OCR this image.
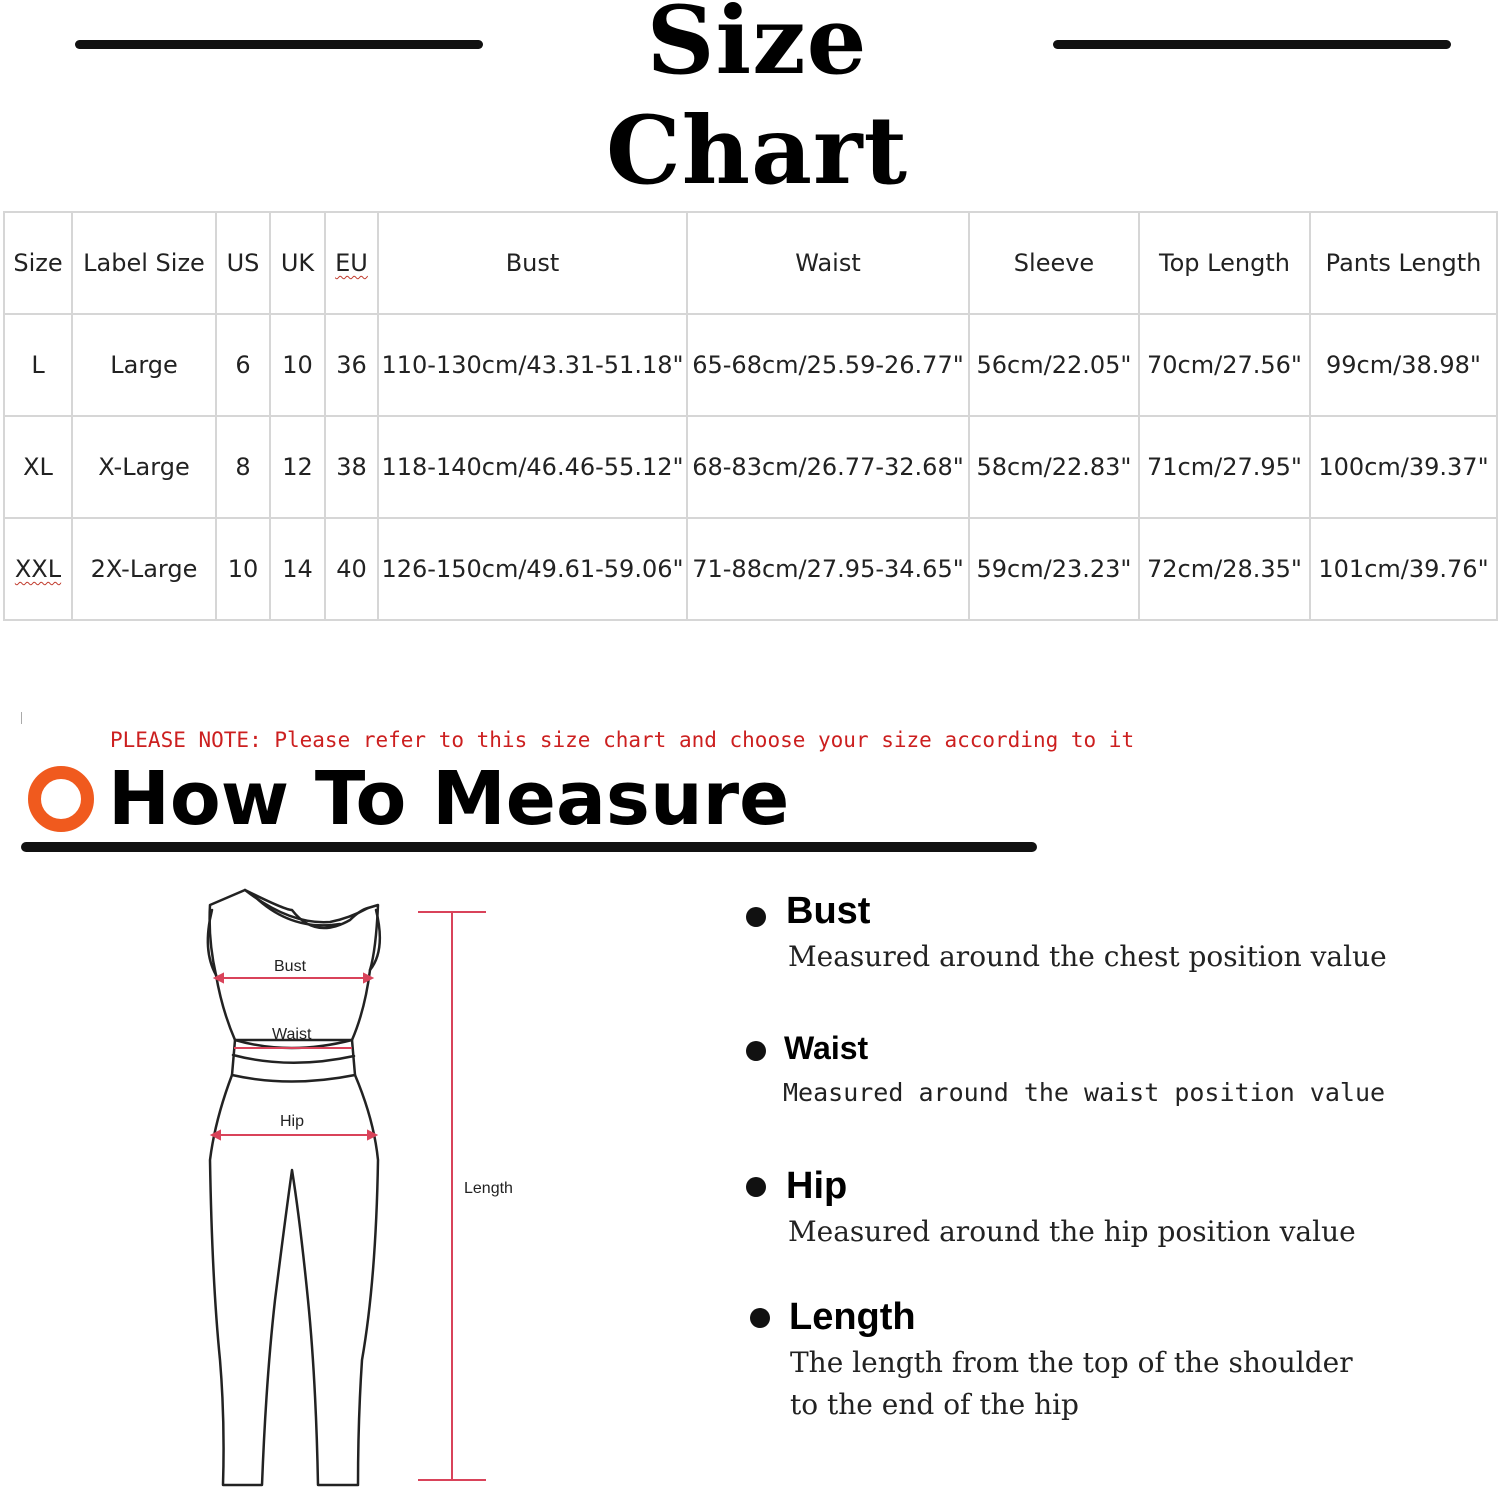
Size Chart
Size	Label Size	US	UK	EU	Bust	Waist	Sleeve	Top Length	Pants Length
L	Large	6	10	36	110-130cm/43.31-51.18"	65-68cm/25.59-26.77"	56cm/22.05"	70cm/27.56"	99cm/38.98"
XL	X-Large	8	12	38	118-140cm/46.46-55.12"	68-83cm/26.77-32.68"	58cm/22.83"	71cm/27.95"	100cm/39.37"
XXL	2X-Large	10	14	40	126-150cm/49.61-59.06"	71-88cm/27.95-34.65"	59cm/23.23"	72cm/28.35"	101cm/39.76"
PLEASE NOTE: Please refer to this size chart and choose your size according to it
How To Measure
Bust
Waist
Hip
Length
Bust
Measured around the chest position value
Waist
Measured around the waist position value
Hip
Measured around the hip position value
Length
The length from the top of the shoulder to the end of the hip
